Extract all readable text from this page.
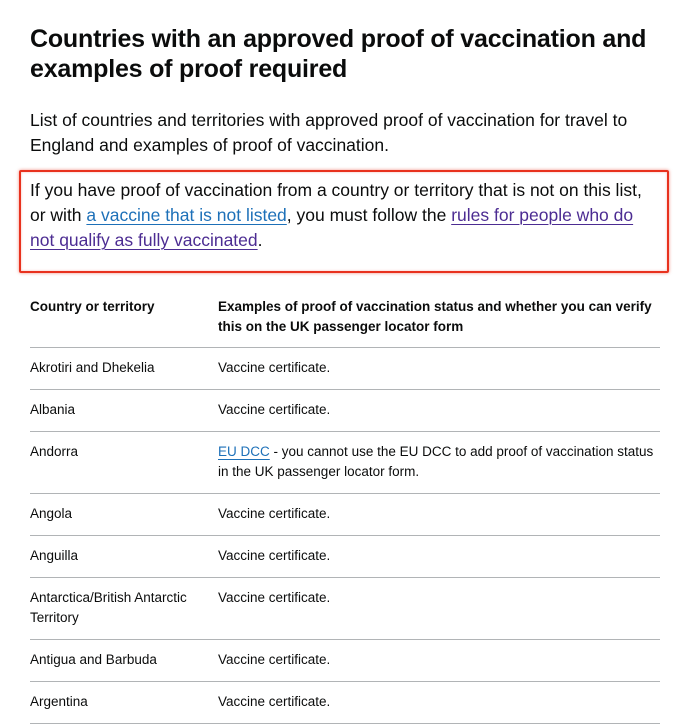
Countries with an approved proof of vaccination and examples of proof required

List of countries and territories with approved proof of vaccination for travel to England and examples of proof of vaccination.

If you have proof of vaccination from a country or territory that is not on this list, or with a vaccine that is not listed, you must follow the rules for people who do not qualify as fully vaccinated.
Country or territory	Examples of proof of vaccination status and whether you can verify this on the UK passenger locator form
Akrotiri and Dhekelia	Vaccine certificate.
Albania	Vaccine certificate.
Andorra	EU DCC - you cannot use the EU DCC to add proof of vaccination status in the UK passenger locator form.
Angola	Vaccine certificate.
Anguilla	Vaccine certificate.
Antarctica/British Antarctic Territory	Vaccine certificate.
Antigua and Barbuda	Vaccine certificate.
Argentina	Vaccine certificate.
